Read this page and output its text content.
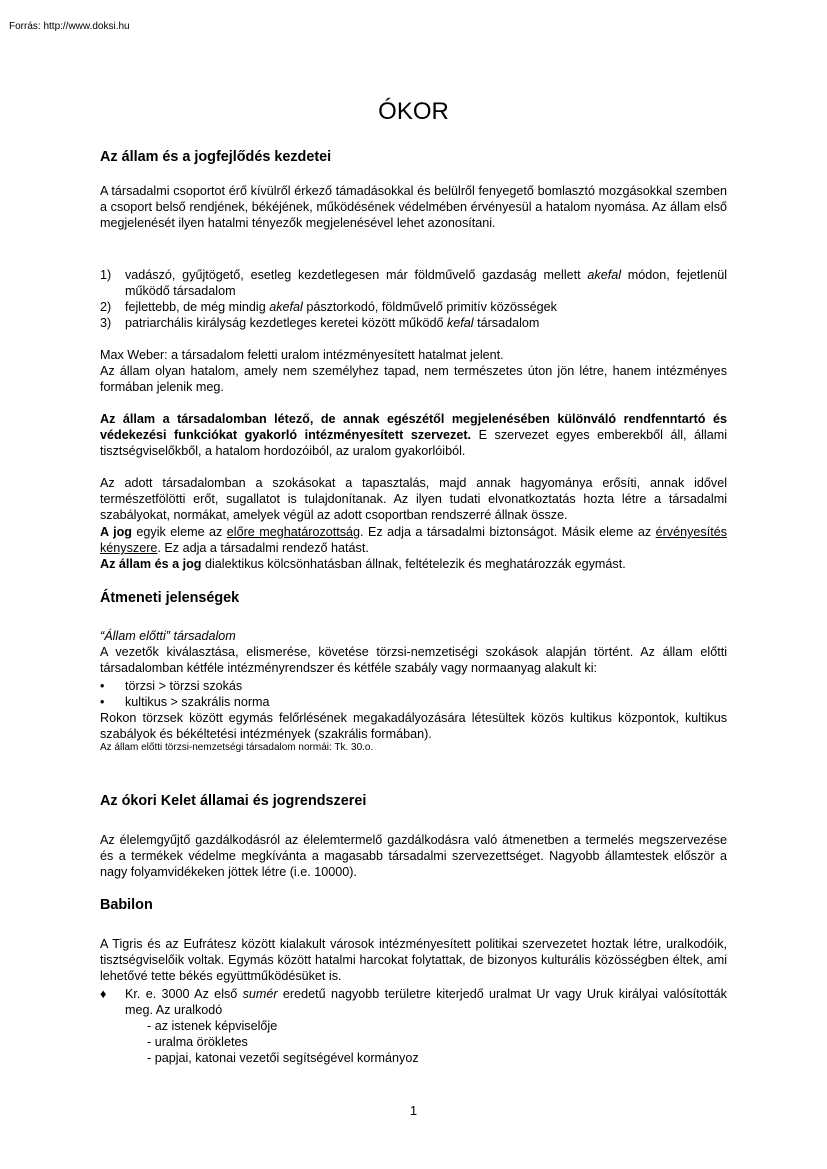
Forrás: http://www.doksi.hu
ÓKOR
Az állam és a jogfejlődés kezdetei

A társadalmi csoportot érő kívülről érkező támadásokkal és belülről fenyegető bomlasztó mozgásokkal szemben a csoport belső rendjének, békéjének, működésének védelmében érvényesül a hatalom nyomása. Az állam első megjelenését ilyen hatalmi tényezők megjelenésével lehet azonosítani.

1) vadászó, gyűjtögető, esetleg kezdetlegesen már földművelő gazdaság mellett akefal módon, fejetlenül működő társadalom
2) fejlettebb, de még mindig akefal pásztorkodó, földművelő primitív közösségek
3) patriarchális királyság kezdetleges keretei között működő kefal társadalom

Max Weber: a társadalom feletti uralom intézményesített hatalmat jelent.

Az állam olyan hatalom, amely nem személyhez tapad, nem természetes úton jön létre, hanem intézményes formában jelenik meg.

Az állam a társadalomban létező, de annak egészétől megjelenésében különváló rendfenntartó és védekezési funkciókat gyakorló intézményesített szervezet. E szervezet egyes emberekből áll, állami tisztségviselőkből, a hatalom hordozóiból, az uralom gyakorlóiból.

Az adott társadalomban a szokásokat a tapasztalás, majd annak hagyománya erősíti, annak idővel természetfölötti erőt, sugallatot is tulajdonítanak. Az ilyen tudati elvonatkoztatás hozta létre a társadalmi szabályokat, normákat, amelyek végül az adott csoportban rendszerré állnak össze.

A jog egyik eleme az előre meghatározottság. Ez adja a társadalmi biztonságot. Másik eleme az érvényesítés kényszere. Ez adja a társadalmi rendező hatást.

Az állam és a jog dialektikus kölcsönhatásban állnak, feltételezik és meghatározzák egymást.

Átmeneti jelenségek

“Állam előtti” társadalom

A vezetők kiválasztása, elismerése, követése törzsi-nemzetiségi szokások alapján történt. Az állam előtti társadalomban kétféle intézményrendszer és kétféle szabály vagy normaanyag alakult ki:

• törzsi > törzsi szokás
• kultikus > szakrális norma

Rokon törzsek között egymás felőrlésének megakadályozására létesültek közös kultikus központok, kultikus szabályok és békéltetési intézmények (szakrális formában).

Az állam előtti törzsi-nemzetségi társadalom normái: Tk. 30.o.
Az ókori Kelet államai és jogrendszerei

Az élelemgyűjtő gazdálkodásról az élelemtermelő gazdálkodásra való átmenetben a termelés megszervezése és a termékek védelme megkívánta a magasabb társadalmi szervezettséget. Nagyobb államtestek először a nagy folyamvidékeken jöttek létre (i.e. 10000).

Babilon

A Tigris és az Eufrátesz között kialakult városok intézményesített politikai szervezetet hoztak létre, uralkodóik, tisztségviselőik voltak. Egymás között hatalmi harcokat folytattak, de bizonyos kulturális közösségben éltek, ami lehetővé tette békés együttműködésüket is.

♦ Kr. e. 3000 Az első sumér eredetű nagyobb területre kiterjedő uralmat Ur vagy Uruk királyai valósították meg. Az uralkodó
- az istenek képviselője
- uralma örökletes
- papjai, katonai vezetői segítségével kormányoz
1
